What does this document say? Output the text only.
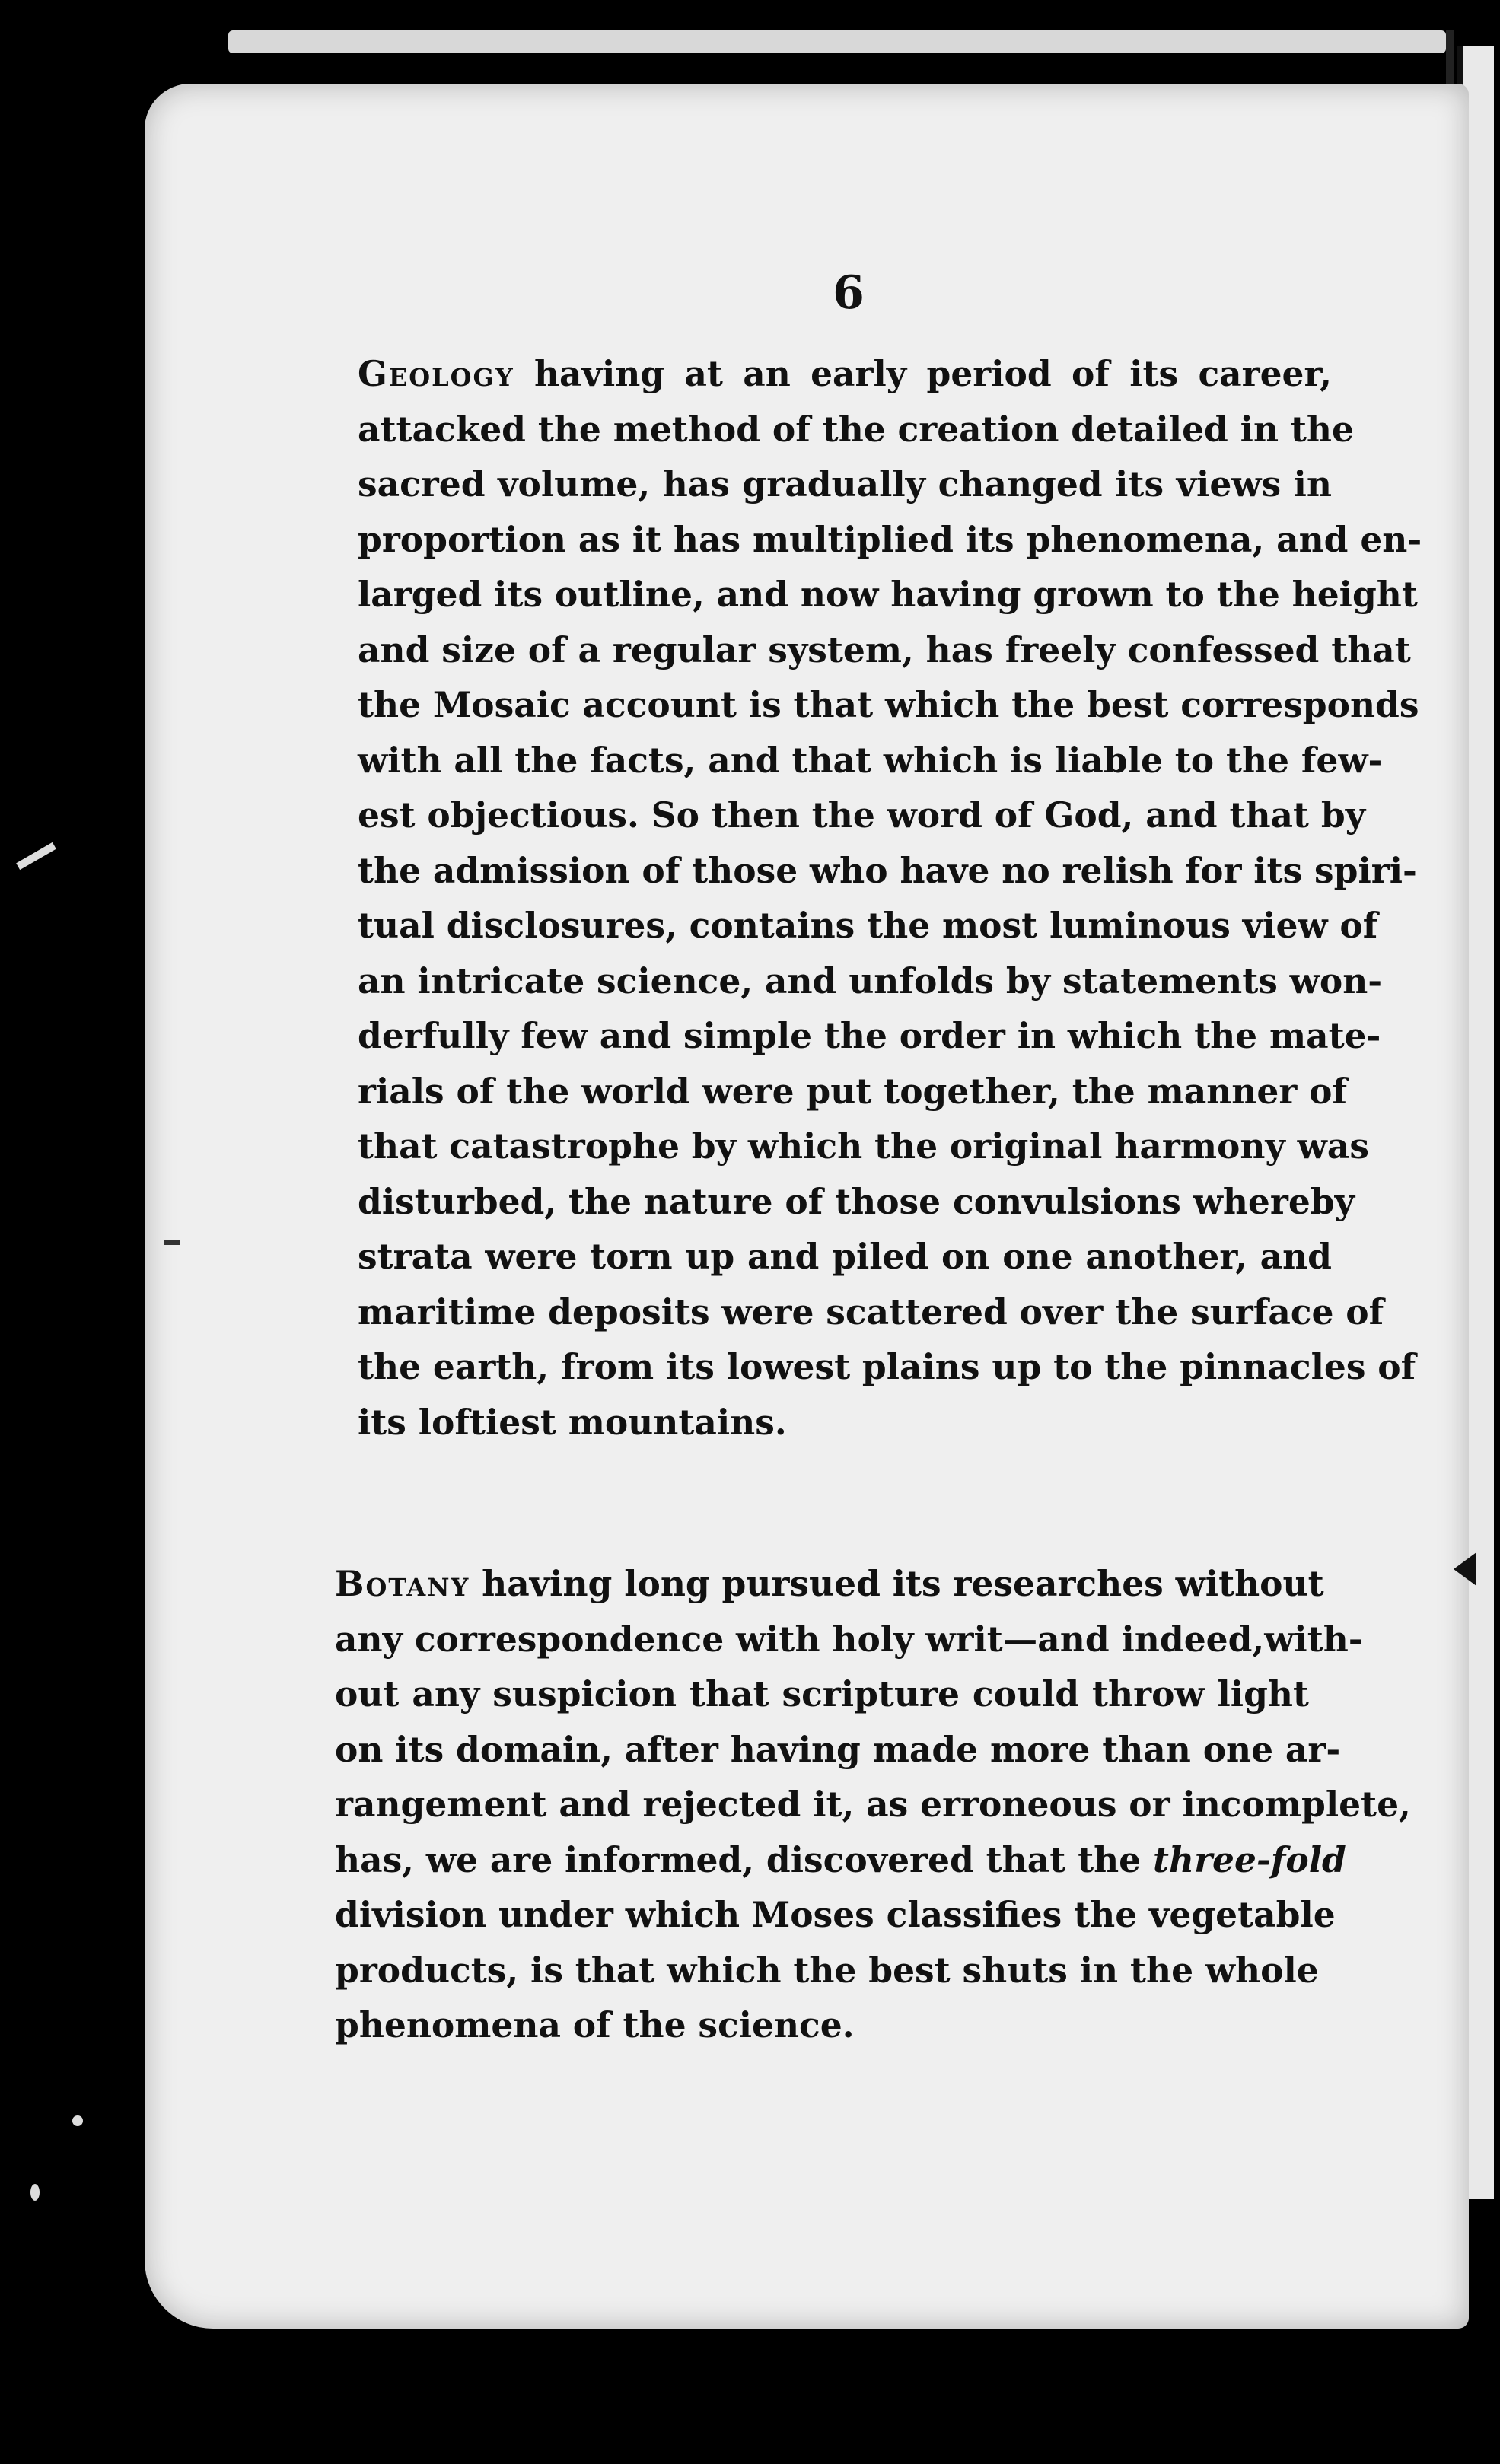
6
Geology having at an early period of its career,
attacked the method of the creation detailed in the
sacred volume, has gradually changed its views in
proportion as it has multiplied its phenomena, and en-
larged its outline, and now having grown to the height
and size of a regular system, has freely confessed that
the Mosaic account is that which the best corresponds
with all the facts, and that which is liable to the few-
est objectious. So then the word of God, and that by
the admission of those who have no relish for its spiri-
tual disclosures, contains the most luminous view of
an intricate science, and unfolds by statements won-
derfully few and simple the order in which the mate-
rials of the world were put together, the manner of
that catastrophe by which the original harmony was
disturbed, the nature of those convulsions whereby
strata were torn up and piled on one another, and
maritime deposits were scattered over the surface of
the earth, from its lowest plains up to the pinnacles of
its loftiest mountains.
Botany having long pursued its researches without
any correspondence with holy writ—and indeed,with-
out any suspicion that scripture could throw light
on its domain, after having made more than one ar-
rangement and rejected it, as erroneous or incomplete,
has, we are informed, discovered that the three-fold
division under which Moses classifies the vegetable
products, is that which the best shuts in the whole
phenomena of the science.
